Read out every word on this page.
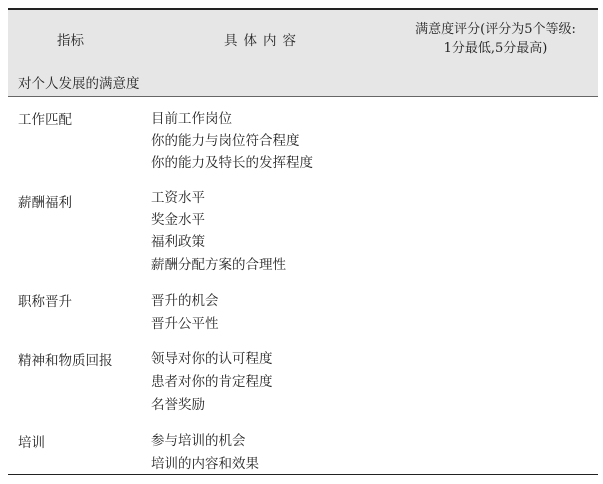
指标	具体内容
满意度评分(评分为5个等级:
1分最低,5分最高)
对个人发展的满意度
工作匹配	目前工作岗位
你的能力与岗位符合程度
你的能力及特长的发挥程度
薪酬福利	工资水平
奖金水平
福利政策
薪酬分配方案的合理性
职称晋升	晋升的机会
晋升公平性
精神和物质回报	领导对你的认可程度
患者对你的肯定程度
名誉奖励
培训	参与培训的机会
培训的内容和效果
